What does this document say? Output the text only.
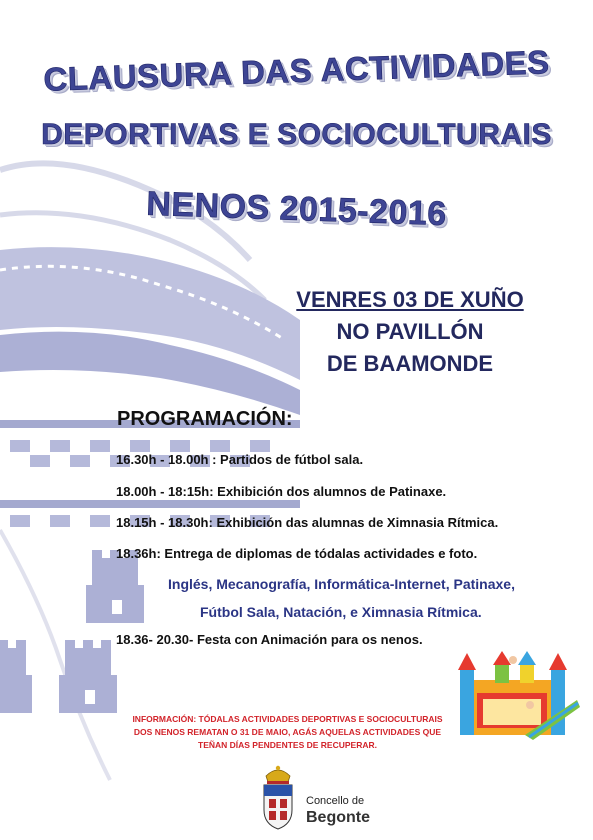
CLAUSURA DAS ACTIVIDADES
DEPORTIVAS E SOCIOCULTURAIS
NENOS 2015-2016
VENRES 03 DE XUÑO
NO PAVILLÓN
DE BAAMONDE
PROGRAMACIÓN:
16.30h - 18.00h : Partidos de fútbol sala.
18.00h - 18:15h: Exhibición dos alumnos de Patinaxe.
18.15h - 18.30h: Exhibición das alumnas de Ximnasia Rítmica.
18.36h: Entrega de diplomas de tódalas actividades e foto.
Inglés, Mecanografía, Informática-Internet, Patinaxe,
Fútbol Sala, Natación, e Ximnasia Rítmica.
18.36- 20.30- Festa con Animación para os nenos.
INFORMACIÓN: TÓDALAS ACTIVIDADES DEPORTIVAS E SOCIOCULTURAIS
DOS NENOS REMATAN O 31 DE MAIO, AGÁS AQUELAS ACTIVIDADES QUE
TEÑAN DÍAS PENDENTES DE RECUPERAR.
Concello de
Begonte
